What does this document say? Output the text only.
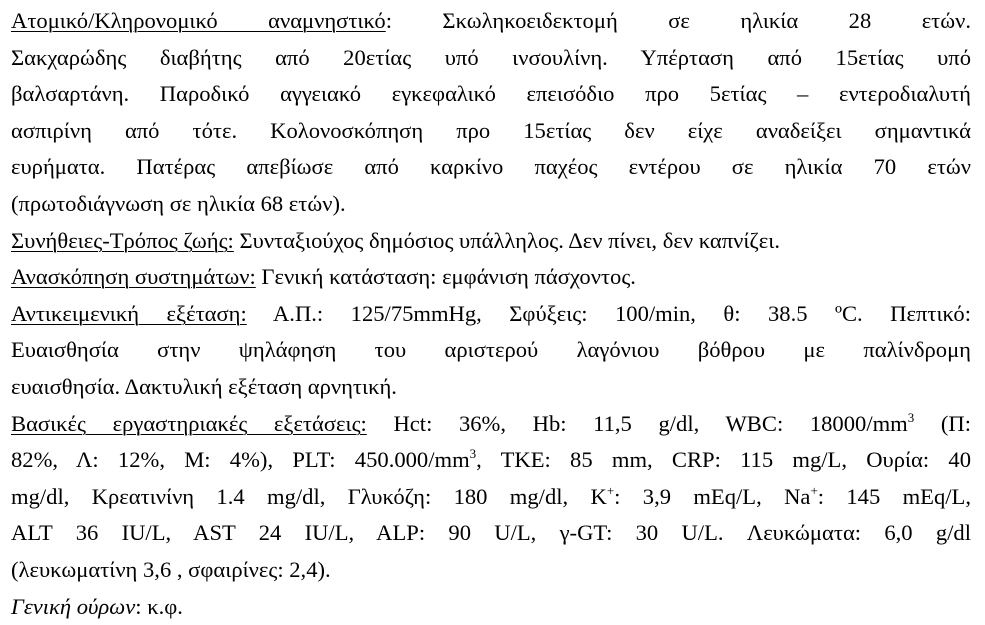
Ατομικό/Κληρονομικό αναμνηστικό: Σκωληκοειδεκτομή σε ηλικία 28 ετών.
Σακχαρώδης διαβήτης από 20ετίας υπό ινσουλίνη. Υπέρταση από 15ετίας υπό
βαλσαρτάνη. Παροδικό αγγειακό εγκεφαλικό επεισόδιο προ 5ετίας – εντεροδιαλυτή
ασπιρίνη από τότε. Κολονοσκόπηση προ 15ετίας δεν είχε αναδείξει σημαντικά
ευρήματα. Πατέρας απεβίωσε από καρκίνο παχέος εντέρου σε ηλικία 70 ετών
(πρωτοδιάγνωση σε ηλικία 68 ετών).
Συνήθειες-Τρόπος ζωής: Συνταξιούχος δημόσιος υπάλληλος. Δεν πίνει, δεν καπνίζει.
Ανασκόπηση συστημάτων: Γενική κατάσταση: εμφάνιση πάσχοντος.
Αντικειμενική εξέταση: Α.Π.: 125/75mmHg, Σφύξεις: 100/min, θ: 38.5 ºC. Πεπτικό:
Ευαισθησία στην ψηλάφηση του αριστερού λαγόνιου βόθρου με παλίνδρομη
ευαισθησία. Δακτυλική εξέταση αρνητική.
Βασικές εργαστηριακές εξετάσεις: Hct: 36%, Hb: 11,5 g/dl, WBC: $18000/mm^3$ (Π:
82%, Λ: 12%, Μ: 4%), PLT: $450.000/mm^3$, TKE: 85 mm, CRP: 115 mg/L, Ουρία: 40
mg/dl, Κρεατινίνη 1.4 mg/dl, Γλυκόζη: 180 mg/dl, K+: 3,9 mEq/L, Na+: 145 mEq/L,
ALT 36 IU/L, AST 24 IU/L, ALP: 90 U/L, γ-GT: 30 U/L. Λευκώματα: 6,0 g/dl
(λευκωματίνη 3,6 , σφαιρίνες: 2,4).
Γενική ούρων: κ.φ.
